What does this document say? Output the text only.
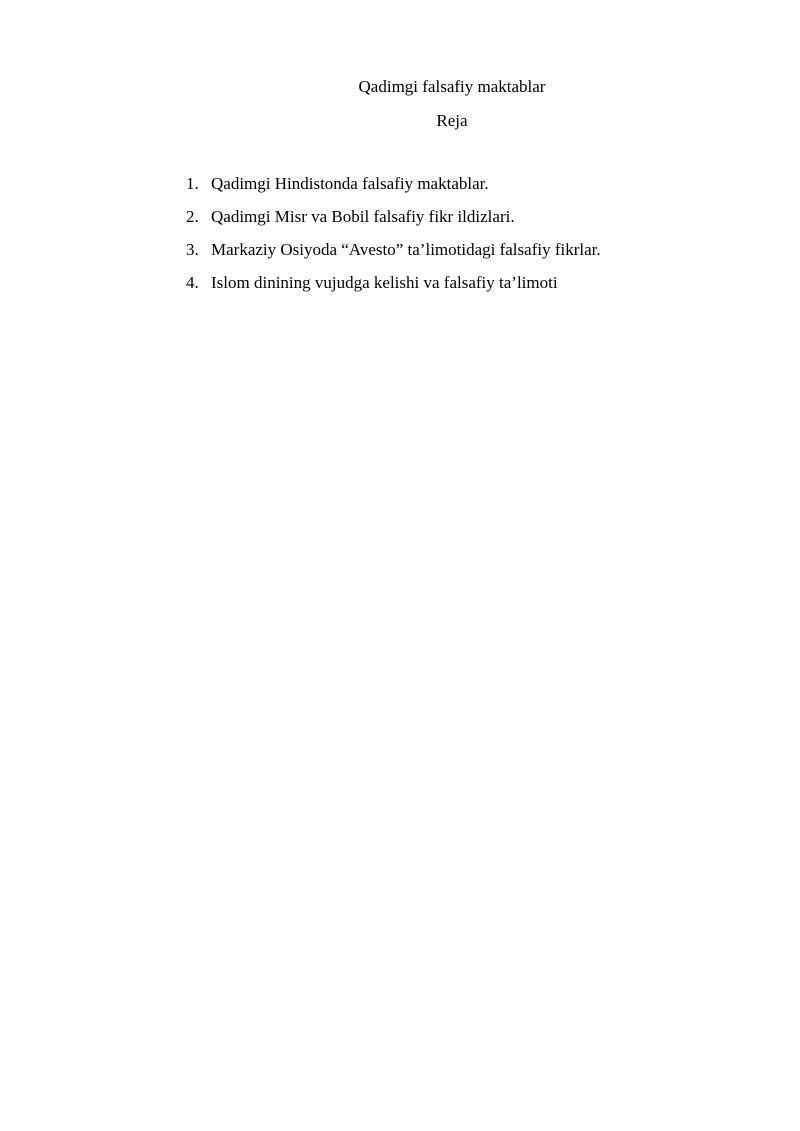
Qadimgi falsafiy maktablar
Reja
1. Qadimgi Hindistonda falsafiy maktablar.
2. Qadimgi Misr va Bobil falsafiy fikr ildizlari.
3. Markaziy Osiyoda “Avesto” ta’limotidagi falsafiy fikrlar.
4. Islom dinining vujudga kelishi va falsafiy ta’limoti
